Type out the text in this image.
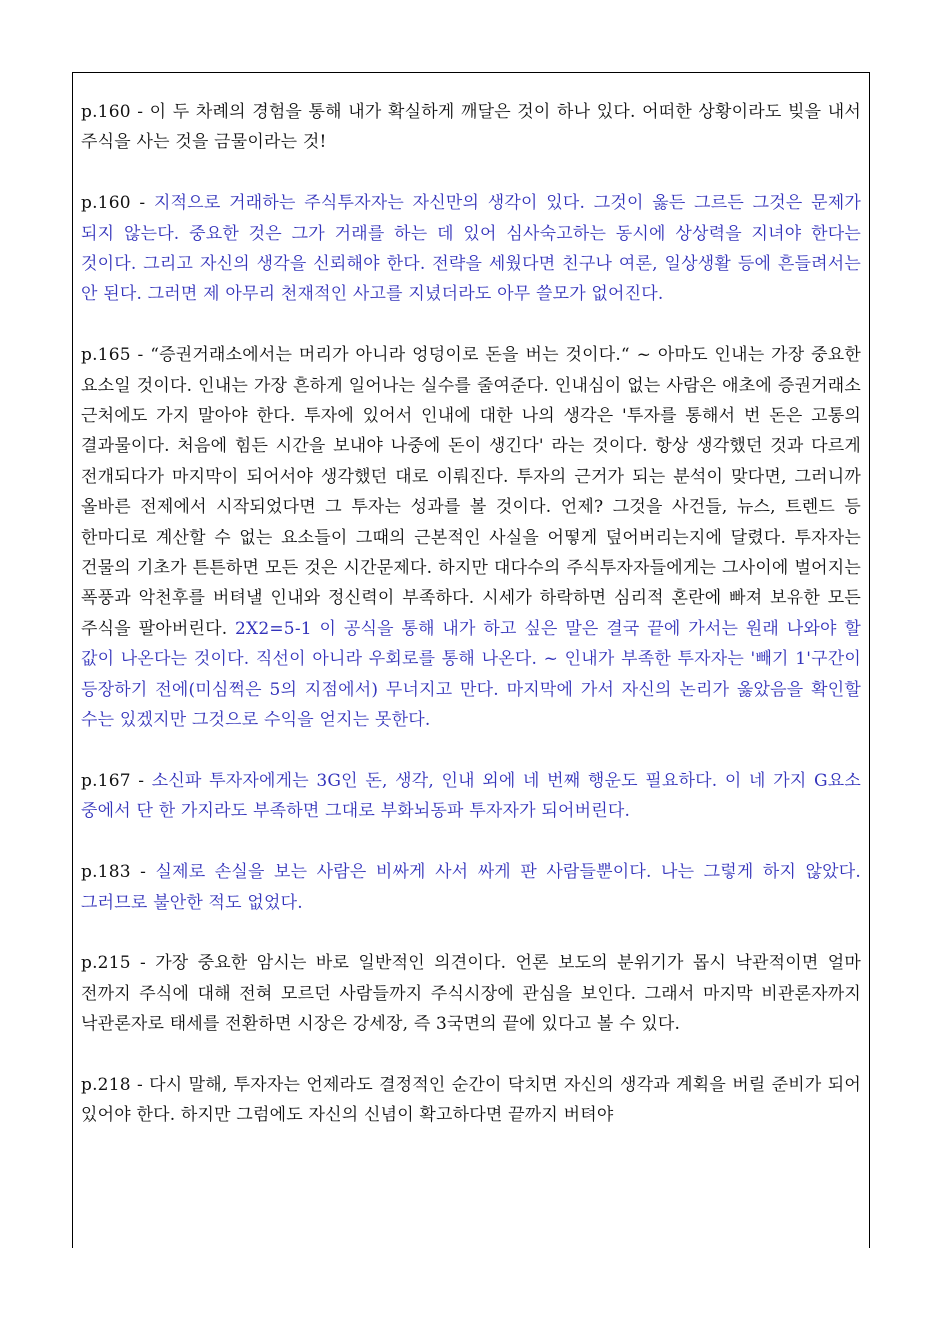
p.160 - 이 두 차례의 경험을 통해 내가 확실하게 깨달은 것이 하나 있다. 어떠한 상황이라도 빚을 내서 주식을 사는 것을 금물이라는 것!

p.160 - 지적으로 거래하는 주식투자자는 자신만의 생각이 있다. 그것이 옳든 그르든 그것은 문제가 되지 않는다. 중요한 것은 그가 거래를 하는 데 있어 심사숙고하는 동시에 상상력을 지녀야 한다는 것이다. 그리고 자신의 생각을 신뢰해야 한다. 전략을 세웠다면 친구나 여론, 일상생활 등에 흔들려서는 안 된다. 그러면 제 아무리 천재적인 사고를 지녔더라도 아무 쓸모가 없어진다.

p.165 - “증권거래소에서는 머리가 아니라 엉덩이로 돈을 버는 것이다.“ ~ 아마도 인내는 가장 중요한 요소일 것이다. 인내는 가장 흔하게 일어나는 실수를 줄여준다. 인내심이 없는 사람은 애초에 증권거래소 근처에도 가지 말아야 한다. 투자에 있어서 인내에 대한 나의 생각은 '투자를 통해서 번 돈은 고통의 결과물이다. 처음에 힘든 시간을 보내야 나중에 돈이 생긴다' 라는 것이다. 항상 생각했던 것과 다르게 전개되다가 마지막이 되어서야 생각했던 대로 이뤄진다. 투자의 근거가 되는 분석이 맞다면, 그러니까 올바른 전제에서 시작되었다면 그 투자는 성과를 볼 것이다. 언제? 그것을 사건들, 뉴스, 트렌드 등 한마디로 계산할 수 없는 요소들이 그때의 근본적인 사실을 어떻게 덮어버리는지에 달렸다. 투자자는 건물의 기초가 튼튼하면 모든 것은 시간문제다. 하지만 대다수의 주식투자자들에게는 그사이에 벌어지는 폭풍과 악천후를 버텨낼 인내와 정신력이 부족하다. 시세가 하락하면 심리적 혼란에 빠져 보유한 모든 주식을 팔아버린다. 2X2=5-1 이 공식을 통해 내가 하고 싶은 말은 결국 끝에 가서는 원래 나와야 할 값이 나온다는 것이다. 직선이 아니라 우회로를 통해 나온다. ~ 인내가 부족한 투자자는 '빼기 1'구간이 등장하기 전에(미심쩍은 5의 지점에서) 무너지고 만다. 마지막에 가서 자신의 논리가 옳았음을 확인할 수는 있겠지만 그것으로 수익을 얻지는 못한다.

p.167 - 소신파 투자자에게는 3G인 돈, 생각, 인내 외에 네 번째 행운도 필요하다. 이 네 가지 G요소 중에서 단 한 가지라도 부족하면 그대로 부화뇌동파 투자자가 되어버린다.

p.183 - 실제로 손실을 보는 사람은 비싸게 사서 싸게 판 사람들뿐이다. 나는 그렇게 하지 않았다. 그러므로 불안한 적도 없었다.

p.215 - 가장 중요한 암시는 바로 일반적인 의견이다. 언론 보도의 분위기가 몹시 낙관적이면 얼마 전까지 주식에 대해 전혀 모르던 사람들까지 주식시장에 관심을 보인다. 그래서 마지막 비관론자까지 낙관론자로 태세를 전환하면 시장은 강세장, 즉 3국면의 끝에 있다고 볼 수 있다.

p.218 - 다시 말해, 투자자는 언제라도 결정적인 순간이 닥치면 자신의 생각과 계획을 버릴 준비가 되어 있어야 한다. 하지만 그럼에도 자신의 신념이 확고하다면 끝까지 버텨야
